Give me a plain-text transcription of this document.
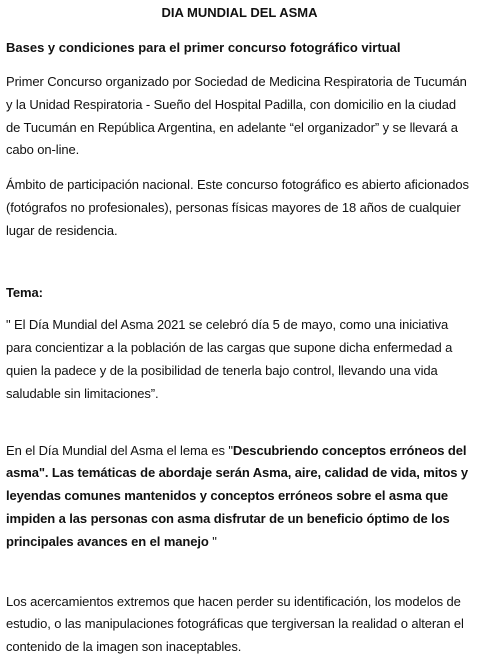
DIA MUNDIAL DEL ASMA
Bases y condiciones para el primer concurso fotográfico virtual

Primer Concurso organizado por Sociedad de Medicina Respiratoria de Tucumán y la Unidad Respiratoria - Sueño del Hospital Padilla, con domicilio en la ciudad de Tucumán en República Argentina, en adelante “el organizador” y se llevará a cabo on-line.

Ámbito de participación nacional. Este concurso fotográfico es abierto aficionados (fotógrafos no profesionales), personas físicas mayores de 18 años de cualquier lugar de residencia.

Tema:

" El Día Mundial del Asma 2021 se celebró día 5 de mayo, como una iniciativa para concientizar a la población de las cargas que supone dicha enfermedad a quien la padece y de la posibilidad de tenerla bajo control, llevando una vida saludable sin limitaciones”.

En el Día Mundial del Asma el lema es "Descubriendo conceptos erróneos del asma". Las temáticas de abordaje serán Asma, aire, calidad de vida, mitos y leyendas comunes mantenidos y conceptos erróneos sobre el asma que impiden a las personas con asma disfrutar de un beneficio óptimo de los principales avances en el manejo "

Los acercamientos extremos que hacen perder su identificación, los modelos de estudio, o las manipulaciones fotográficas que tergiversan la realidad o alteran el contenido de la imagen son inaceptables.
